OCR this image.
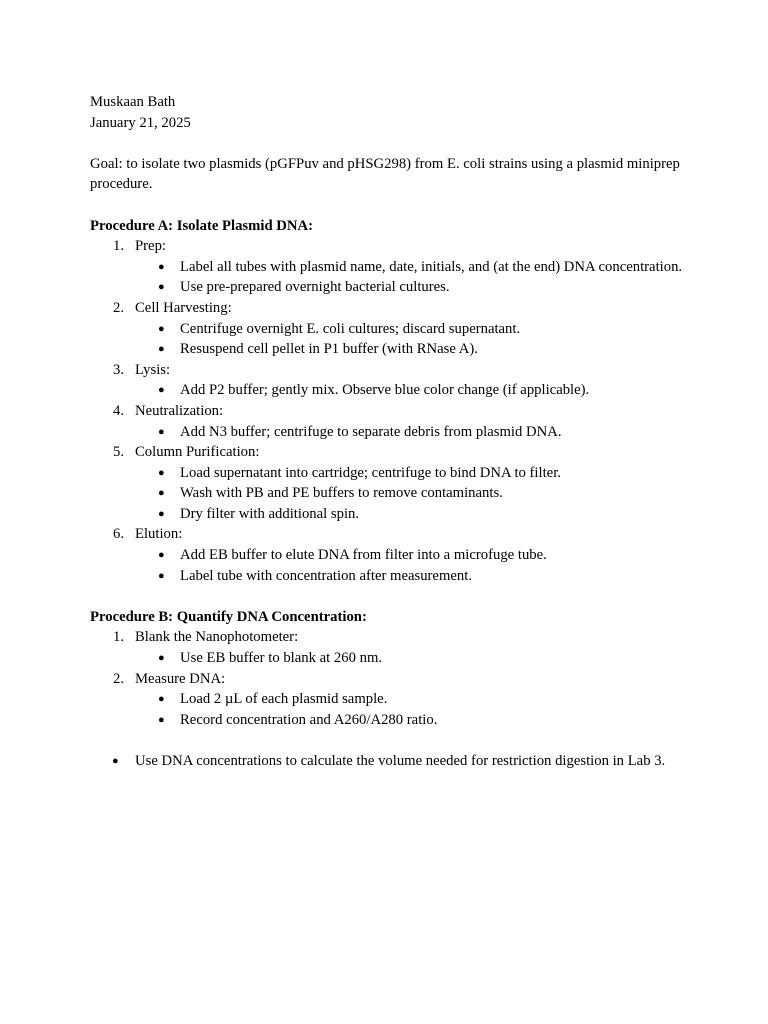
Muskaan Bath

January 21, 2025

Goal: to isolate two plasmids (pGFPuv and pHSG298) from E. coli strains using a plasmid miniprep procedure.

Procedure A: Isolate Plasmid DNA:

1. Prep:
● Label all tubes with plasmid name, date, initials, and (at the end) DNA concentration.
● Use pre-prepared overnight bacterial cultures.
2. Cell Harvesting:
● Centrifuge overnight E. coli cultures; discard supernatant.
● Resuspend cell pellet in P1 buffer (with RNase A).
3. Lysis:
● Add P2 buffer; gently mix. Observe blue color change (if applicable).
4. Neutralization:
● Add N3 buffer; centrifuge to separate debris from plasmid DNA.
5. Column Purification:
● Load supernatant into cartridge; centrifuge to bind DNA to filter.
● Wash with PB and PE buffers to remove contaminants.
● Dry filter with additional spin.
6. Elution:
● Add EB buffer to elute DNA from filter into a microfuge tube.
● Label tube with concentration after measurement.

Procedure B: Quantify DNA Concentration:

1. Blank the Nanophotometer:
● Use EB buffer to blank at 260 nm.
2. Measure DNA:
● Load 2 µL of each plasmid sample.
● Record concentration and A260/A280 ratio.
● Use DNA concentrations to calculate the volume needed for restriction digestion in Lab 3.
